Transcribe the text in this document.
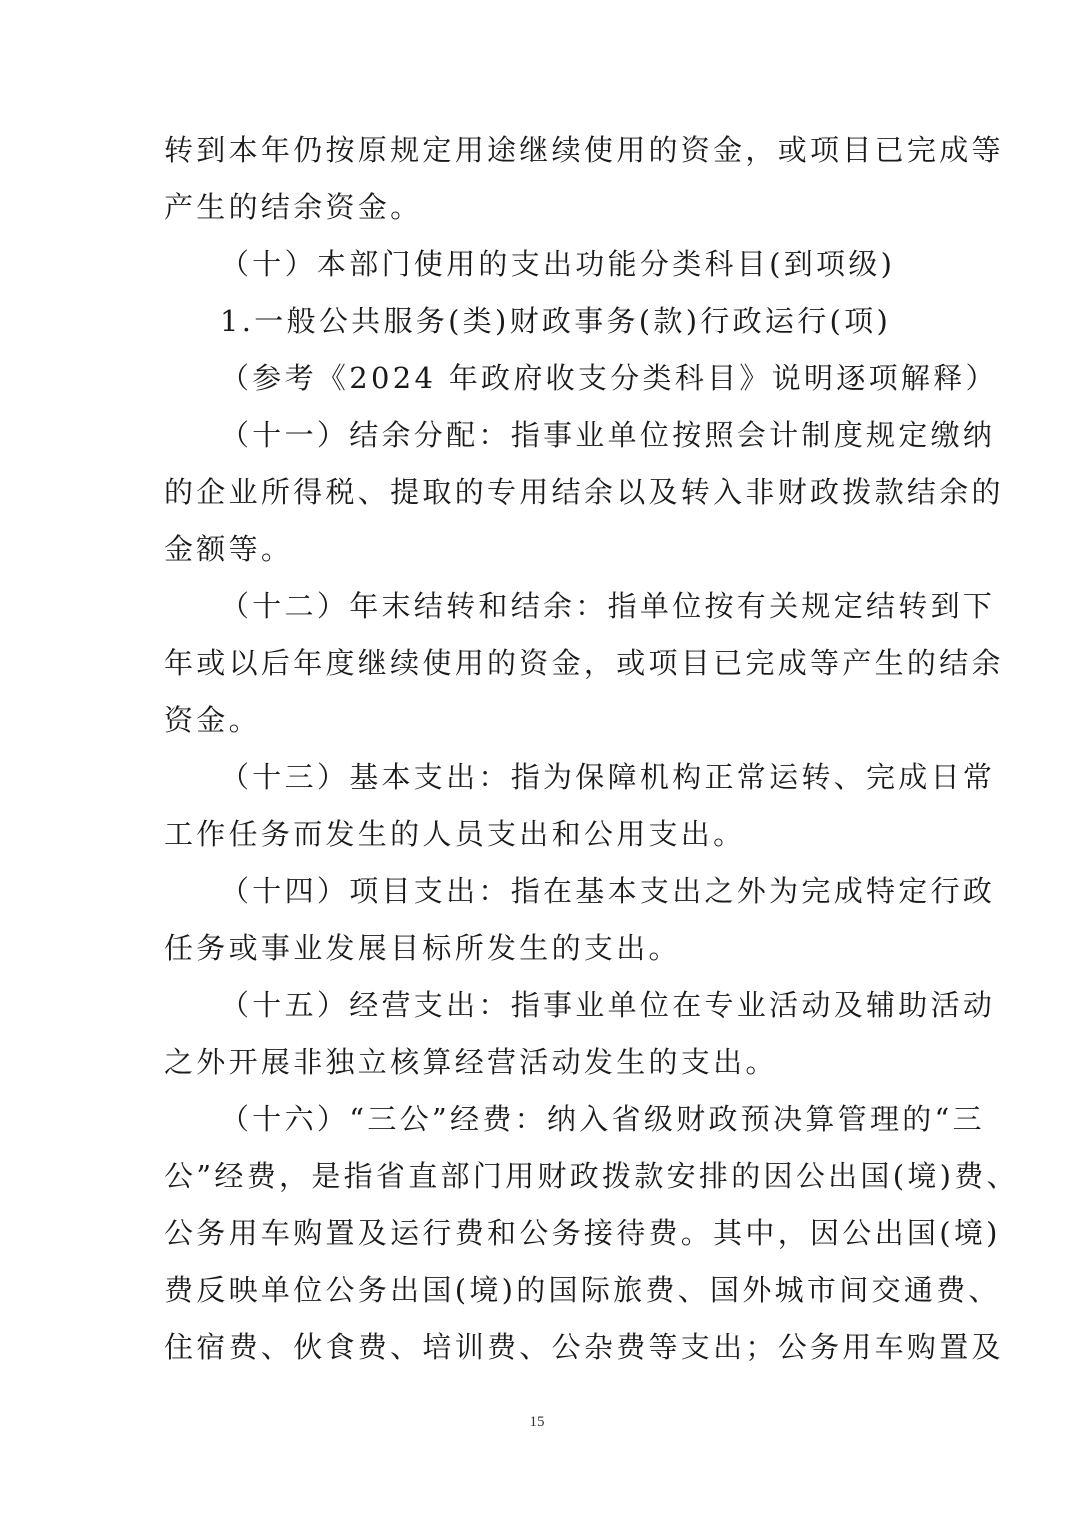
转到本年仍按原规定用途继续使用的资金，或项目已完成等
产生的结余资金。
（十）本部门使用的支出功能分类科目(到项级)
1.一般公共服务(类)财政事务(款)行政运行(项)
（参考《2024 年政府收支分类科目》说明逐项解释）
（十一）结余分配：指事业单位按照会计制度规定缴纳
的企业所得税、提取的专用结余以及转入非财政拨款结余的
金额等。
（十二）年末结转和结余：指单位按有关规定结转到下
年或以后年度继续使用的资金，或项目已完成等产生的结余
资金。
（十三）基本支出：指为保障机构正常运转、完成日常
工作任务而发生的人员支出和公用支出。
（十四）项目支出：指在基本支出之外为完成特定行政
任务或事业发展目标所发生的支出。
（十五）经营支出：指事业单位在专业活动及辅助活动
之外开展非独立核算经营活动发生的支出。
（十六）“三公”经费：纳入省级财政预决算管理的“三
公”经费，是指省直部门用财政拨款安排的因公出国(境)费、
公务用车购置及运行费和公务接待费。其中，因公出国(境)
费反映单位公务出国(境)的国际旅费、国外城市间交通费、
住宿费、伙食费、培训费、公杂费等支出；公务用车购置及
15
